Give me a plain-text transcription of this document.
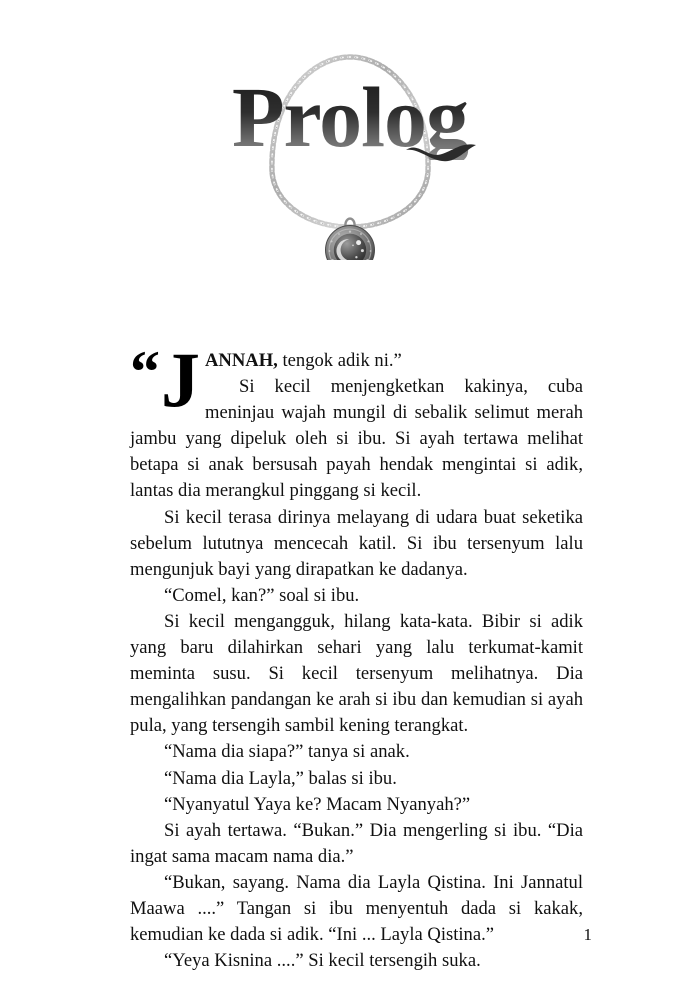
Prolog

“ J ANNAH, tengok adik ni.”

Si kecil menjengketkan kakinya, cuba meninjau wajah mungil di sebalik selimut merah jambu yang dipeluk oleh si ibu. Si ayah tertawa melihat betapa si anak bersusah payah hendak mengintai si adik, lantas dia merangkul pinggang si kecil.

Si kecil terasa dirinya melayang di udara buat seketika sebelum lututnya mencecah katil. Si ibu tersenyum lalu mengunjuk bayi yang dirapatkan ke dadanya.

“Comel, kan?” soal si ibu.

Si kecil mengangguk, hilang kata-kata. Bibir si adik yang baru dilahirkan sehari yang lalu terkumat-kamit meminta susu. Si kecil tersenyum melihatnya. Dia mengalihkan pandangan ke arah si ibu dan kemudian si ayah pula, yang tersengih sambil kening terangkat.

“Nama dia siapa?” tanya si anak.

“Nama dia Layla,” balas si ibu.

“Nyanyatul Yaya ke? Macam Nyanyah?”

Si ayah tertawa. “Bukan.” Dia mengerling si ibu. “Dia ingat sama macam nama dia.”

“Bukan, sayang. Nama dia Layla Qistina. Ini Jannatul Maawa ....” Tangan si ibu menyentuh dada si kakak, kemudian ke dada si adik. “Ini ... Layla Qistina.”

“Yeya Kisnina ....” Si kecil tersengih suka.

1
